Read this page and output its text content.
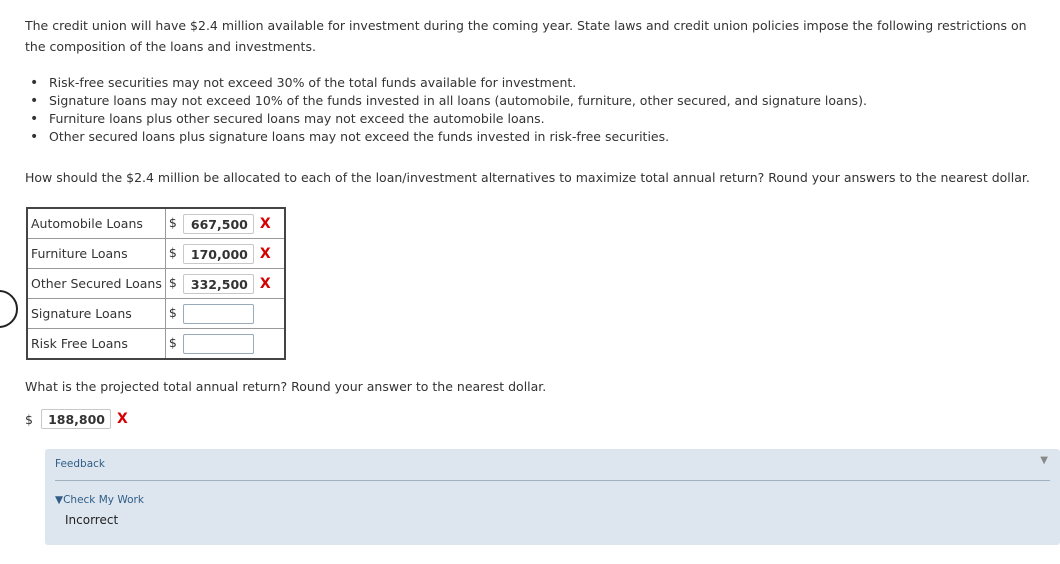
The credit union will have $2.4 million available for investment during the coming year. State laws and credit union policies impose the following restrictions on the composition of the loans and investments.

• Risk-free securities may not exceed 30% of the total funds available for investment.
• Signature loans may not exceed 10% of the funds invested in all loans (automobile, furniture, other secured, and signature loans).
• Furniture loans plus other secured loans may not exceed the automobile loans.
• Other secured loans plus signature loans may not exceed the funds invested in risk-free securities.

How should the $2.4 million be allocated to each of the loan/investment alternatives to maximize total annual return? Round your answers to the nearest dollar.

Automobile Loans	$ 667,500 X
Furniture Loans	$ 170,000 X
Other Secured Loans	$ 332,500 X
Signature Loans	$
Risk Free Loans	$

What is the projected total annual return? Round your answer to the nearest dollar.

$	188,800 X
Feedback	▼
▼Check My Work
Incorrect
